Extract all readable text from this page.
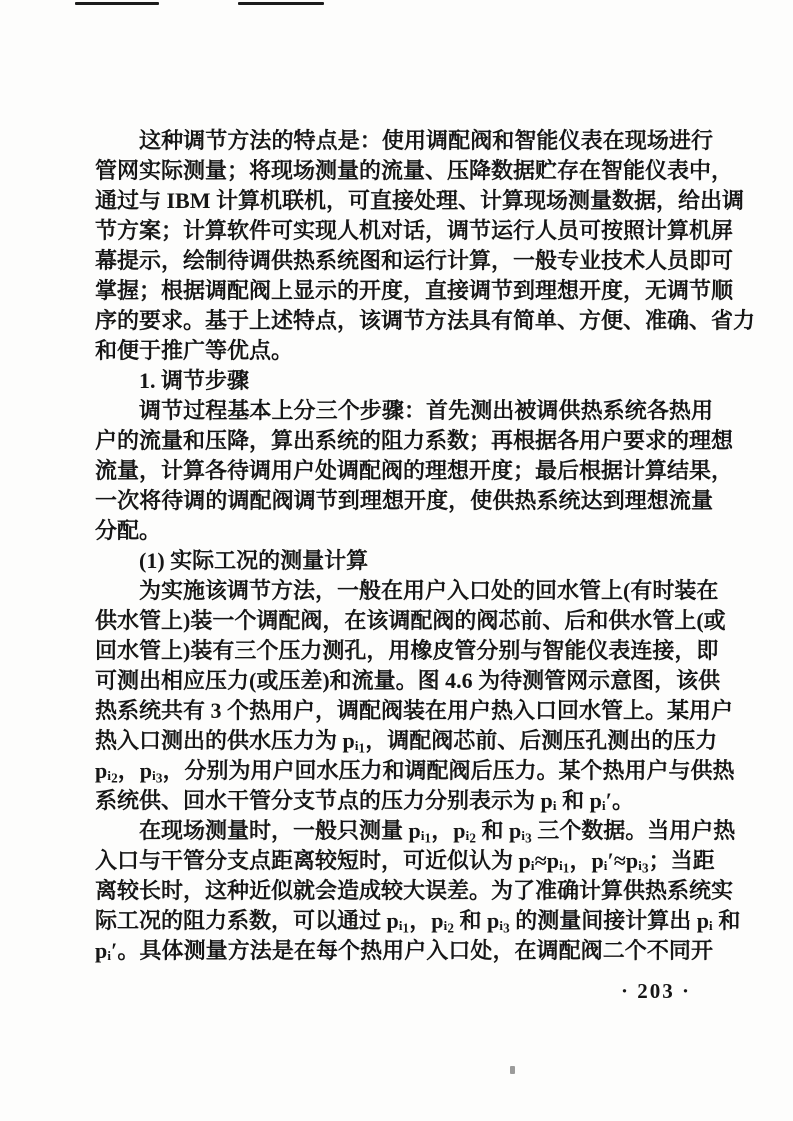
这种调节方法的特点是：使用调配阀和智能仪表在现场进行
管网实际测量；将现场测量的流量、压降数据贮存在智能仪表中，
通过与 IBM 计算机联机，可直接处理、计算现场测量数据，给出调
节方案；计算软件可实现人机对话，调节运行人员可按照计算机屏
幕提示，绘制待调供热系统图和运行计算，一般专业技术人员即可
掌握；根据调配阀上显示的开度，直接调节到理想开度，无调节顺
序的要求。基于上述特点，该调节方法具有简单、方便、准确、省力
和便于推广等优点。
1. 调节步骤
调节过程基本上分三个步骤：首先测出被调供热系统各热用
户的流量和压降，算出系统的阻力系数；再根据各用户要求的理想
流量，计算各待调用户处调配阀的理想开度；最后根据计算结果，
一次将待调的调配阀调节到理想开度，使供热系统达到理想流量
分配。
(1) 实际工况的测量计算
为实施该调节方法，一般在用户入口处的回水管上(有时装在
供水管上)装一个调配阀，在该调配阀的阀芯前、后和供水管上(或
回水管上)装有三个压力测孔，用橡皮管分别与智能仪表连接，即
可测出相应压力(或压差)和流量。图 4.6 为待测管网示意图，该供
热系统共有 3 个热用户，调配阀装在用户热入口回水管上。某用户
热入口测出的供水压力为 pᵢ₁，调配阀芯前、后测压孔测出的压力
pᵢ₂，pᵢ₃，分别为用户回水压力和调配阀后压力。某个热用户与供热
系统供、回水干管分支节点的压力分别表示为 pᵢ 和 pᵢ′。
在现场测量时，一般只测量 pᵢ₁，pᵢ₂ 和 pᵢ₃ 三个数据。当用户热
入口与干管分支点距离较短时，可近似认为 pᵢ≈pᵢ₁，pᵢ′≈pᵢ₃；当距
离较长时，这种近似就会造成较大误差。为了准确计算供热系统实
际工况的阻力系数，可以通过 pᵢ₁，pᵢ₂ 和 pᵢ₃ 的测量间接计算出 pᵢ 和
pᵢ′。具体测量方法是在每个热用户入口处，在调配阀二个不同开
· 203 ·
